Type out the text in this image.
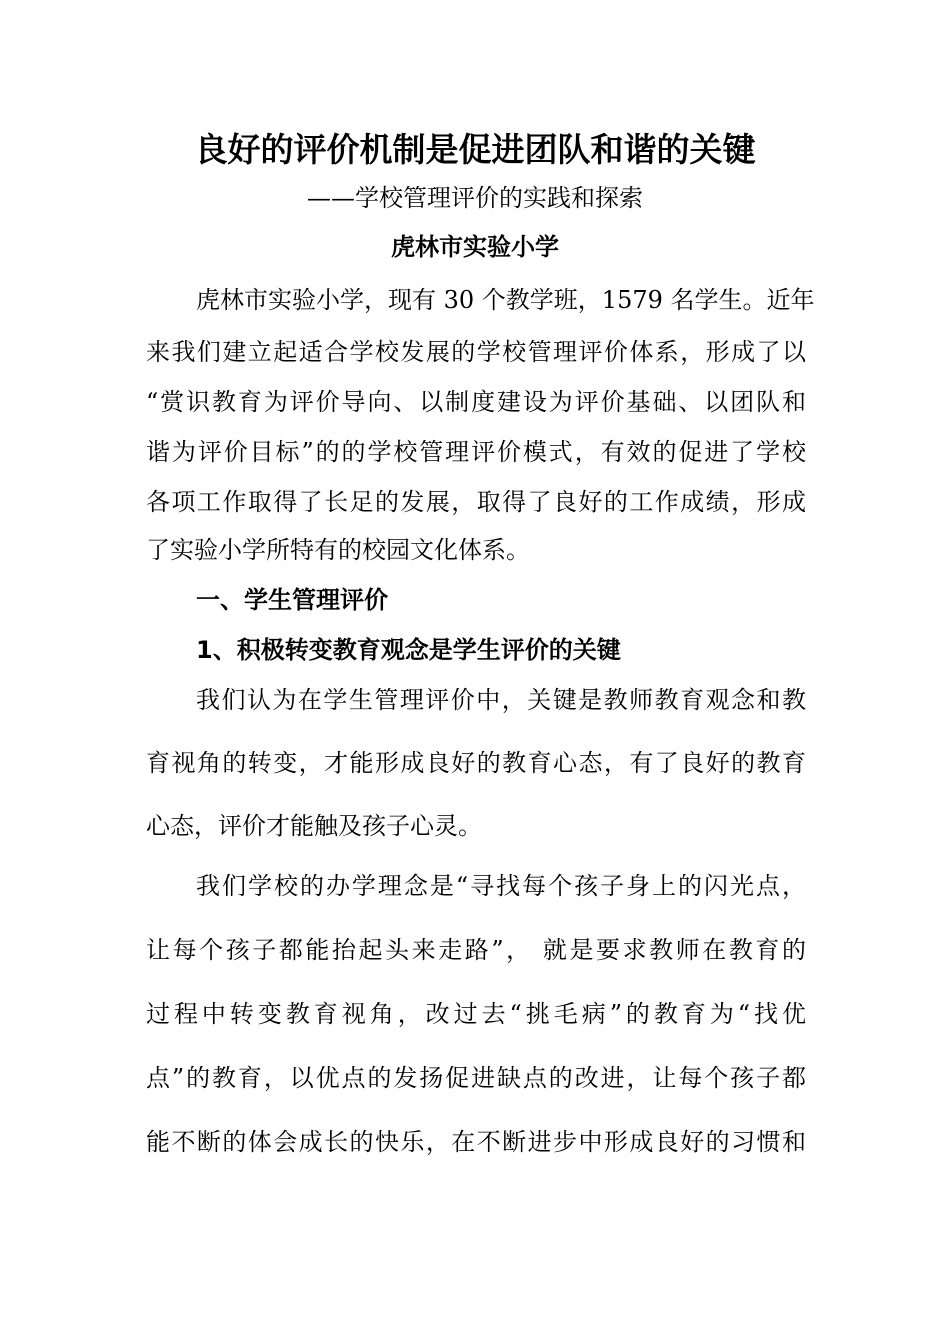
良好的评价机制是促进团队和谐的关键
——学校管理评价的实践和探索
虎林市实验小学
虎林市实验小学，现有 30 个教学班，1579 名学生。近年
来我们建立起适合学校发展的学校管理评价体系，形成了以
“赏识教育为评价导向、以制度建设为评价基础、以团队和
谐为评价目标”的的学校管理评价模式，有效的促进了学校
各项工作取得了长足的发展，取得了良好的工作成绩，形成
了实验小学所特有的校园文化体系。
一、学生管理评价
1、积极转变教育观念是学生评价的关键
我们认为在学生管理评价中，关键是教师教育观念和教
育视角的转变，才能形成良好的教育心态，有了良好的教育
心态，评价才能触及孩子心灵。
我们学校的办学理念是“寻找每个孩子身上的闪光点，
让每个孩子都能抬起头来走路”， 就是要求教师在教育的
过程中转变教育视角，改过去“挑毛病”的教育为“找优
点”的教育，以优点的发扬促进缺点的改进，让每个孩子都
能不断的体会成长的快乐，在不断进步中形成良好的习惯和
